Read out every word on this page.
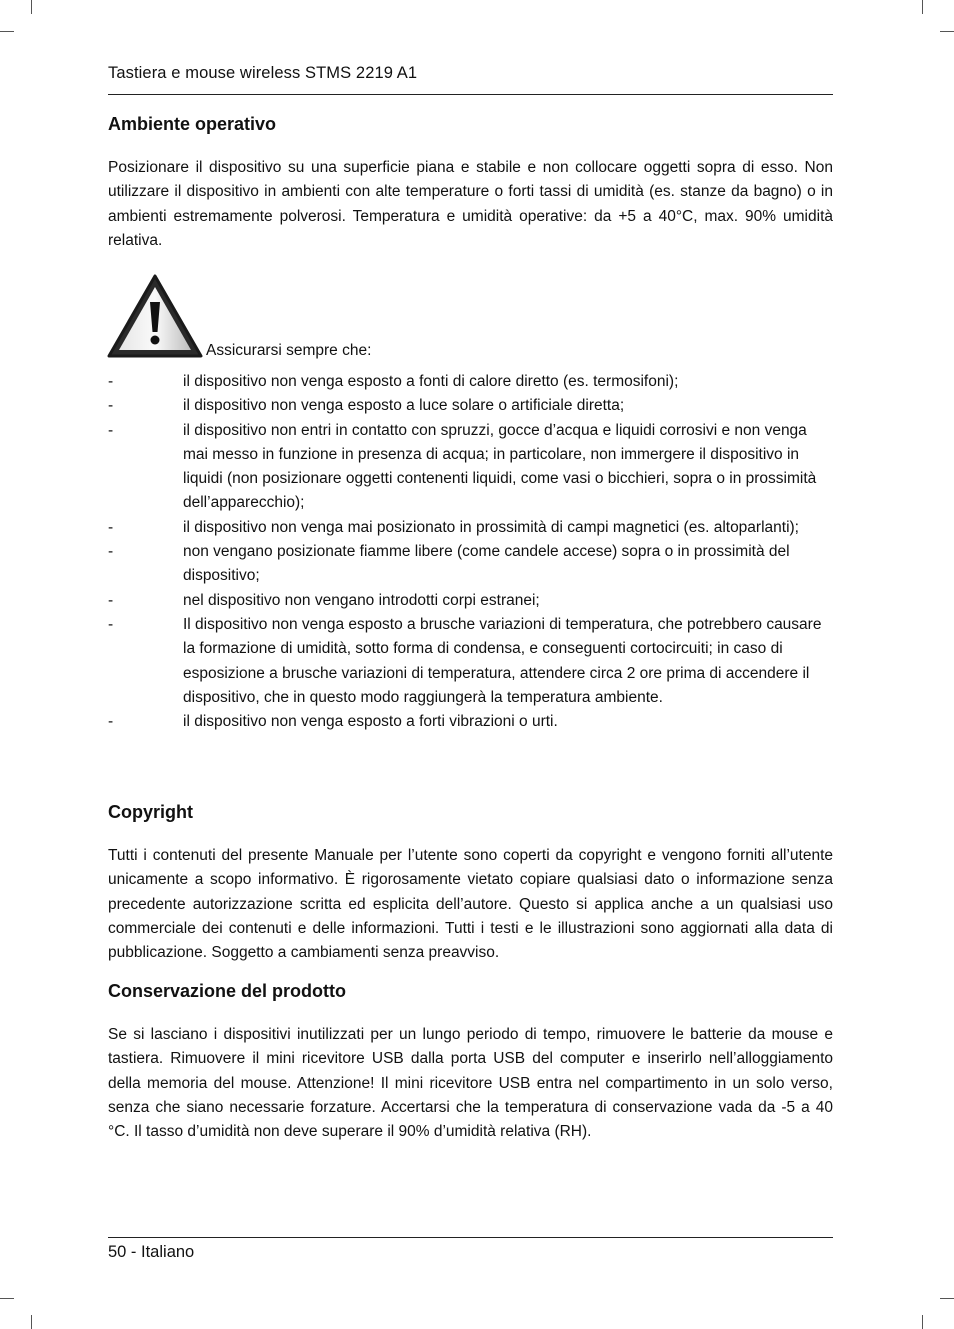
Tastiera e mouse wireless STMS 2219 A1
Ambiente operativo

Posizionare il dispositivo su una superficie piana e stabile e non collocare oggetti sopra di esso. Non utilizzare il dispositivo in ambienti con alte temperature o forti tassi di umidità (es. stanze da bagno) o in ambienti estremamente polverosi. Temperatura e umidità operative: da +5 a 40°C, max. 90% umidità relativa.

Assicurarsi sempre che:
-	il dispositivo non venga esposto a fonti di calore diretto (es. termosifoni);
-	il dispositivo non venga esposto a luce solare o artificiale diretta;
-	il dispositivo non entri in contatto con spruzzi, gocce d’acqua e liquidi corrosivi e non venga mai messo in funzione in presenza di acqua; in particolare, non immergere il dispositivo in liquidi (non posizionare oggetti contenenti liquidi, come vasi o bicchieri, sopra o in prossimità dell’apparecchio);
-	il dispositivo non venga mai posizionato in prossimità di campi magnetici (es. altoparlanti);
-	non vengano posizionate fiamme libere (come candele accese) sopra o in prossimità del dispositivo;
-	nel dispositivo non vengano introdotti corpi estranei;
-	Il dispositivo non venga esposto a brusche variazioni di temperatura, che potrebbero causare la formazione di umidità, sotto forma di condensa, e conseguenti cortocircuiti; in caso di esposizione a brusche variazioni di temperatura, attendere circa 2 ore prima di accendere il dispositivo, che in questo modo raggiungerà la temperatura ambiente.
-	il dispositivo non venga esposto a forti vibrazioni o urti.
Copyright

Tutti i contenuti del presente Manuale per l’utente sono coperti da copyright e vengono forniti all’utente unicamente a scopo informativo. È rigorosamente vietato copiare qualsiasi dato o informazione senza precedente autorizzazione scritta ed esplicita dell’autore. Questo si applica anche a un qualsiasi uso commerciale dei contenuti e delle informazioni. Tutti i testi e le illustrazioni sono aggiornati alla data di pubblicazione. Soggetto a cambiamenti senza preavviso.

Conservazione del prodotto

Se si lasciano i dispositivi inutilizzati per un lungo periodo di tempo, rimuovere le batterie da mouse e tastiera. Rimuovere il mini ricevitore USB dalla porta USB del computer e inserirlo nell’alloggiamento della memoria del mouse. Attenzione! Il mini ricevitore USB entra nel compartimento in un solo verso, senza che siano necessarie forzature. Accertarsi che la temperatura di conservazione vada da -5 a 40 °C. Il tasso d’umidità non deve superare il 90% d’umidità relativa (RH).

50 - Italiano
